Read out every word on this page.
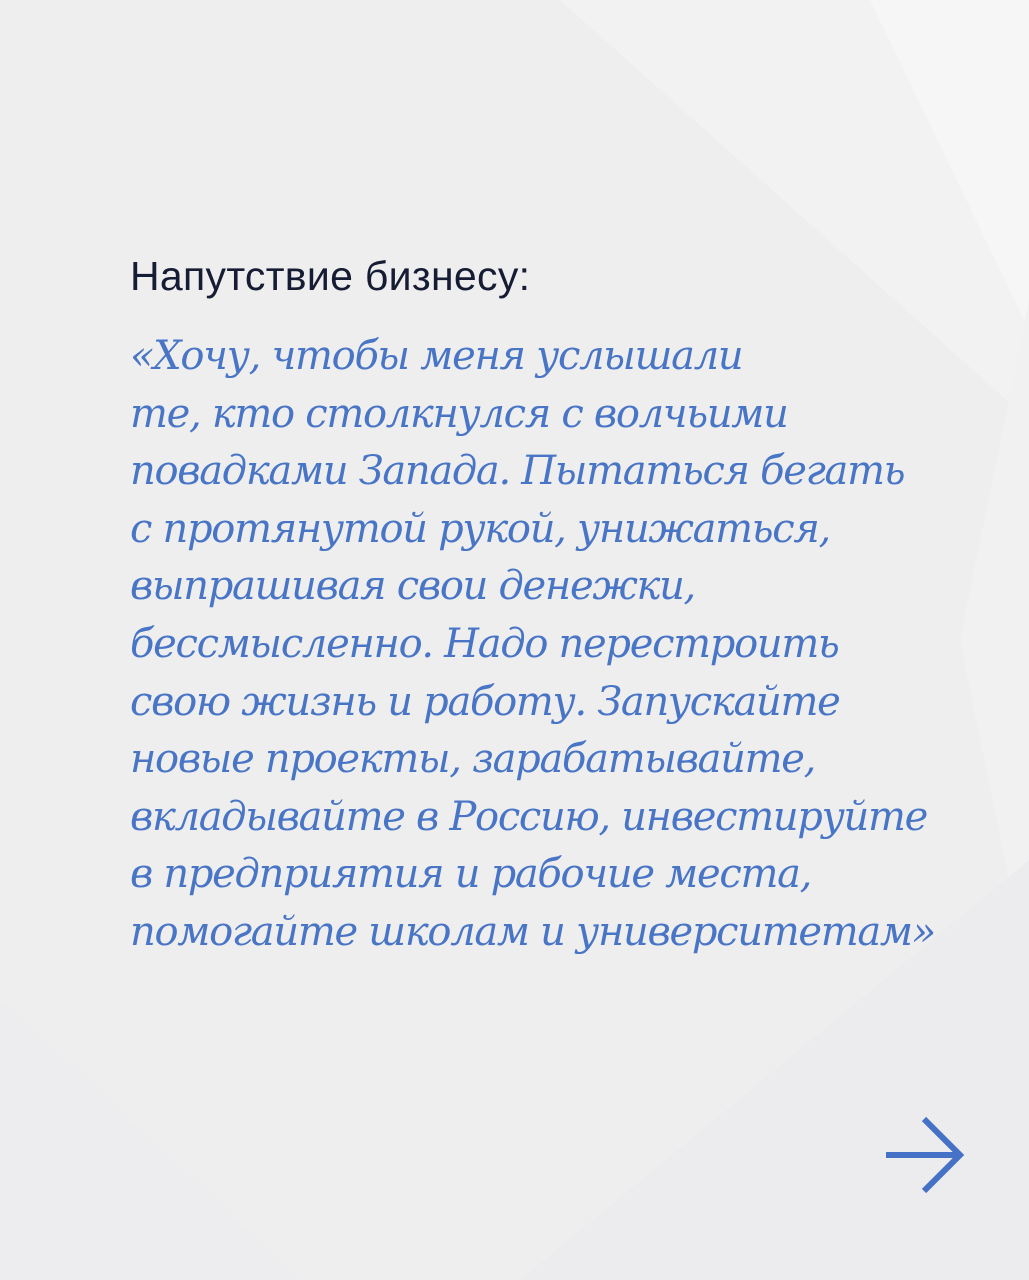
Напутствие бизнесу:
«Хочу, чтобы меня услышали
те, кто столкнулся с волчьими
повадками Запада. Пытаться бегать
с протянутой рукой, унижаться,
выпрашивая свои денежки,
бессмысленно. Надо перестроить
свою жизнь и работу. Запускайте
новые проекты, зарабатывайте,
вкладывайте в Россию, инвестируйте
в предприятия и рабочие места,
помогайте школам и университетам»
